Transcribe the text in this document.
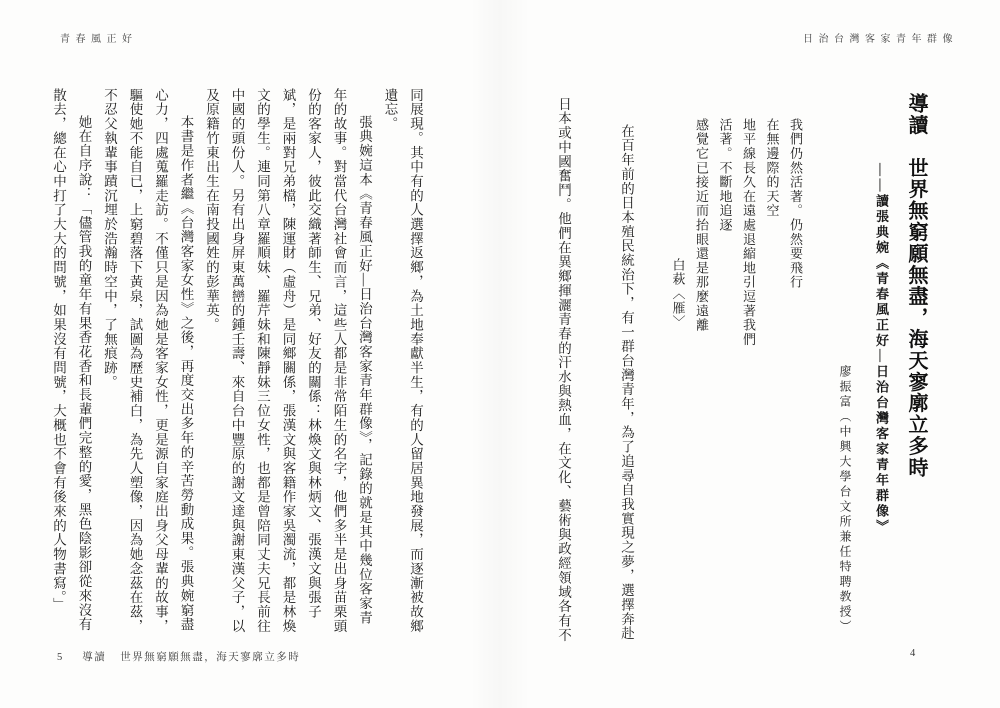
青春風正好	日治台灣客家青年群像
導讀　世界無窮願無盡，海天寥廓立多時
——讀張典婉《青春風正好—日治台灣客家青年群像》
廖振富（中興大學台文所兼任特聘教授）
我們仍然活著。仍然要飛行
在無邊際的天空
地平線長久在遠處退縮地引逗著我們
活著。不斷地追逐
感覺它已接近而抬眼還是那麼遠離
白萩〈雁〉

在百年前的日本殖民統治下，有一群台灣青年，為了追尋自我實現之夢，選擇奔赴日本或中國奮鬥。他們在異鄉揮灑青春的汗水與熱血，在文化、藝術與政經領域各有不

4

同展現。其中有的人選擇返鄉，為土地奉獻半生，有的人留居異地發展，而逐漸被故鄉遺忘。

張典婉這本《青春風正好—日治台灣客家青年群像》，記錄的就是其中幾位客家青年的故事。對當代台灣社會而言，這些人都是非常陌生的名字，他們多半是出身苗栗頭份的客家人，彼此交織著師生、兄弟、好友的關係：林煥文與林炳文、張漢文與張子斌，是兩對兄弟檔，陳運財（虛舟）是同鄉關係，張漢文與客籍作家吳濁流，都是林煥文的學生。連同第八章羅順妹、羅芹妹和陳靜妹三位女性，也都是曾陪同丈夫兄長前往中國的頭份人。另有出身屏東萬巒的鍾壬壽、來自台中豐原的謝文達與謝東漢父子，以及原籍竹東出生在南投國姓的彭華英。

本書是作者繼《台灣客家女性》之後，再度交出多年的辛苦勞動成果。張典婉窮盡心力，四處蒐羅走訪。不僅只是因為她是客家女性，更是源自家庭出身父母輩的故事，驅使她不能自已，上窮碧落下黃泉，試圖為歷史補白，為先人塑像，因為她念茲在茲，不忍父執輩事蹟沉埋於浩瀚時空中，了無痕跡。

她在自序說：「儘管我的童年有果香花香和長輩們完整的愛，黑色陰影卻從來沒有散去，總在心中打了大大的問號，如果沒有問號，大概也不會有後來的人物書寫。」

5 導讀 世界無窮願無盡，海天寥廓立多時
